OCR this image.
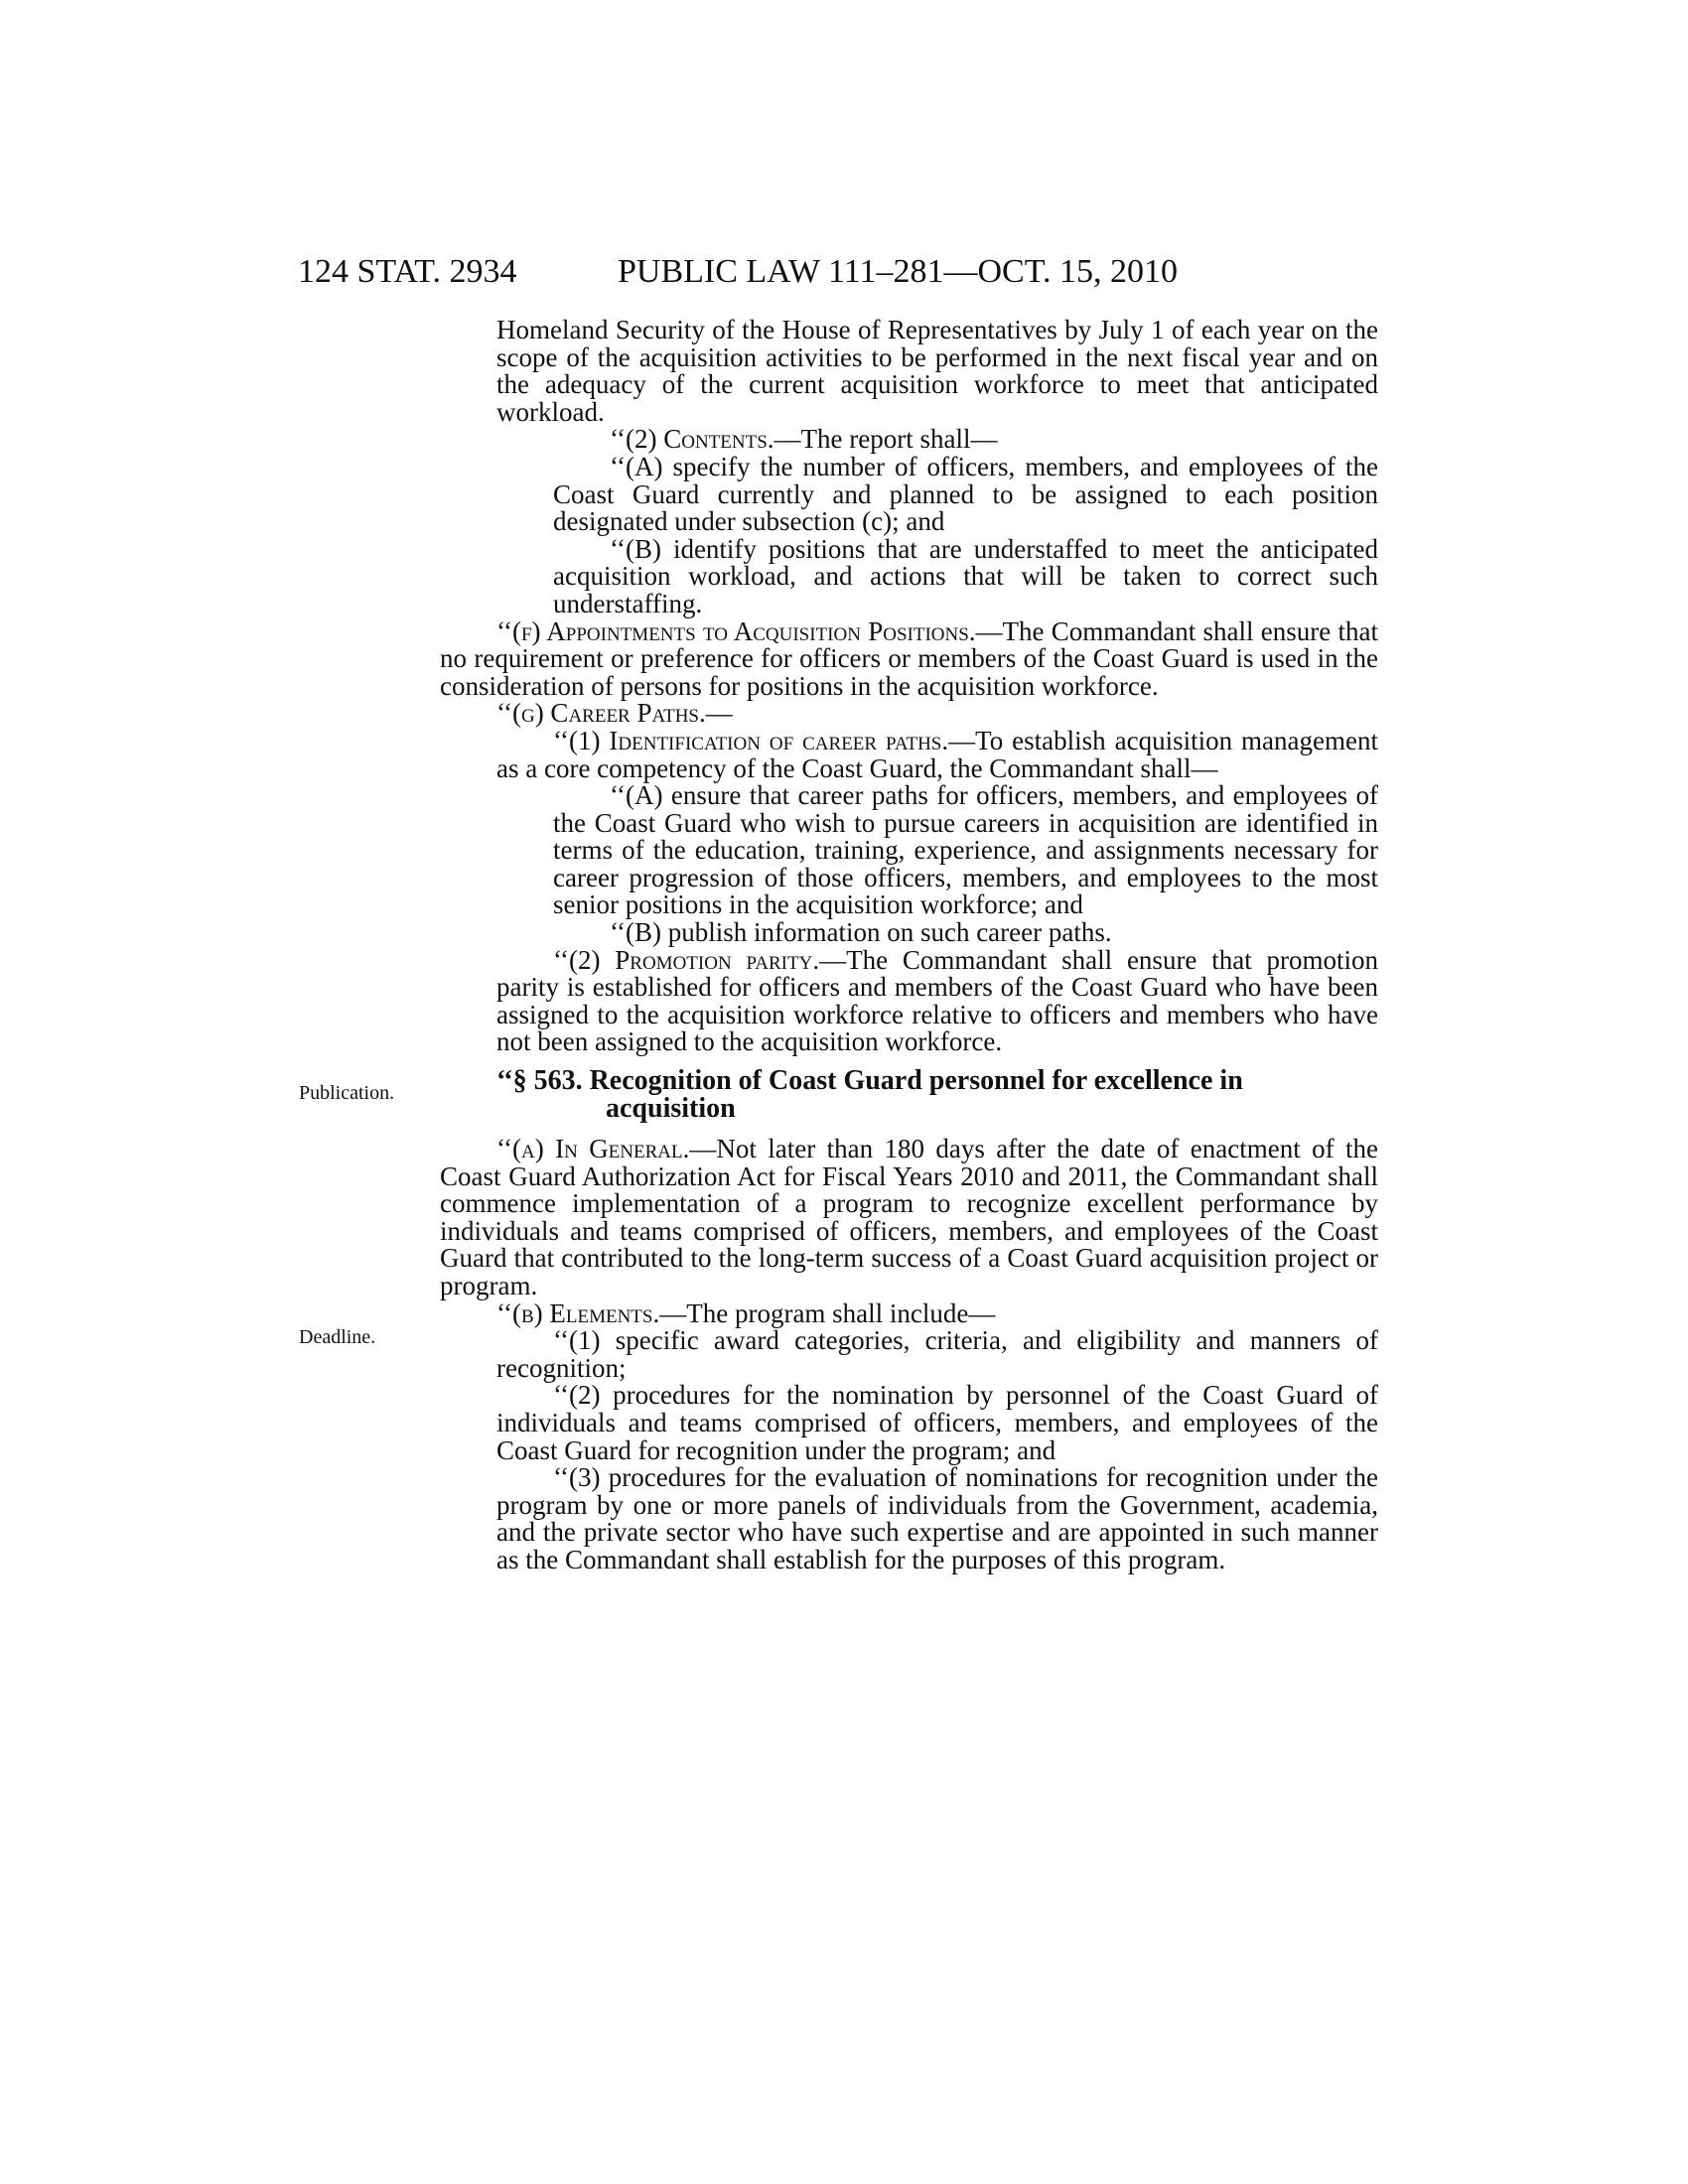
124 STAT. 2934	PUBLIC LAW 111–281—OCT. 15, 2010
Publication.
Deadline.

Homeland Security of the House of Representatives by July 1 of each year on the scope of the acquisition activities to be performed in the next fiscal year and on the adequacy of the current acquisition workforce to meet that anticipated workload.

‘‘(2) Contents.—The report shall—

‘‘(A) specify the number of officers, members, and employees of the Coast Guard currently and planned to be assigned to each position designated under subsection (c); and

‘‘(B) identify positions that are understaffed to meet the anticipated acquisition workload, and actions that will be taken to correct such understaffing.

‘‘(f) Appointments to Acquisition Positions.—The Commandant shall ensure that no requirement or preference for officers or members of the Coast Guard is used in the consideration of persons for positions in the acquisition workforce.

‘‘(g) Career Paths.—

‘‘(1) Identification of career paths.—To establish acquisition management as a core competency of the Coast Guard, the Commandant shall—

‘‘(A) ensure that career paths for officers, members, and employees of the Coast Guard who wish to pursue careers in acquisition are identified in terms of the education, training, experience, and assignments necessary for career progression of those officers, members, and employees to the most senior positions in the acquisition workforce; and

‘‘(B) publish information on such career paths.

‘‘(2) Promotion parity.—The Commandant shall ensure that promotion parity is established for officers and members of the Coast Guard who have been assigned to the acquisition workforce relative to officers and members who have not been assigned to the acquisition workforce.

‘‘§ 563. Recognition of Coast Guard personnel for excellence in acquisition

‘‘(a) In General.—Not later than 180 days after the date of enactment of the Coast Guard Authorization Act for Fiscal Years 2010 and 2011, the Commandant shall commence implementation of a program to recognize excellent performance by individuals and teams comprised of officers, members, and employees of the Coast Guard that contributed to the long-term success of a Coast Guard acquisition project or program.

‘‘(b) Elements.—The program shall include—

‘‘(1) specific award categories, criteria, and eligibility and manners of recognition;

‘‘(2) procedures for the nomination by personnel of the Coast Guard of individuals and teams comprised of officers, members, and employees of the Coast Guard for recognition under the program; and

‘‘(3) procedures for the evaluation of nominations for recognition under the program by one or more panels of individuals from the Government, academia, and the private sector who have such expertise and are appointed in such manner as the Commandant shall establish for the purposes of this program.
